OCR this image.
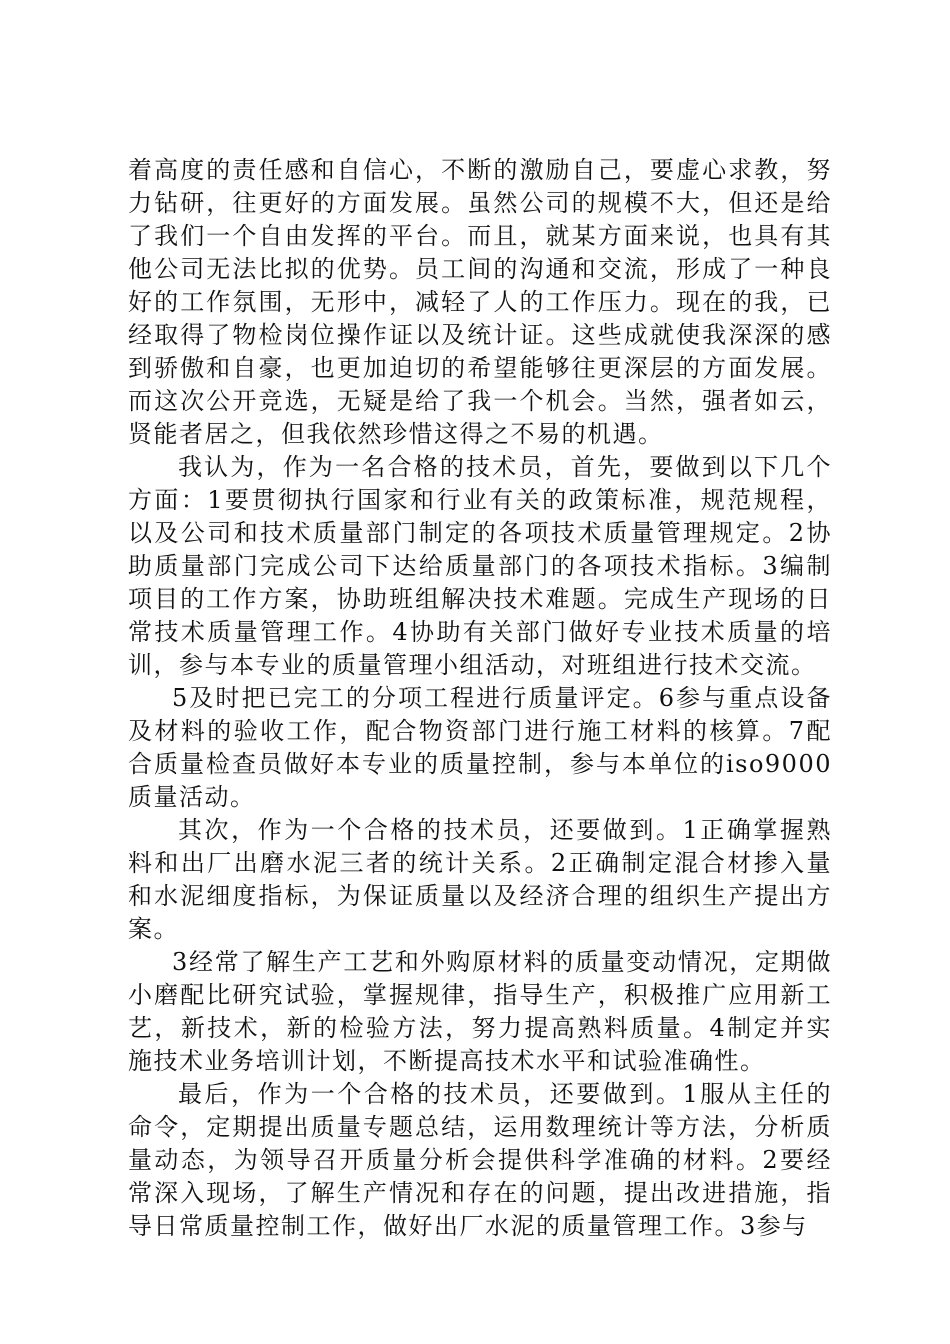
着高度的责任感和自信心，不断的激励自己，要虚心求教，努力钻研，往更好的方面发展。虽然公司的规模不大，但还是给了我们一个自由发挥的平台。而且，就某方面来说，也具有其他公司无法比拟的优势。员工间的沟通和交流，形成了一种良好的工作氛围，无形中，减轻了人的工作压力。现在的我，已经取得了物检岗位操作证以及统计证。这些成就使我深深的感到骄傲和自豪，也更加迫切的希望能够往更深层的方面发展。而这次公开竞选，无疑是给了我一个机会。当然，强者如云，贤能者居之，但我依然珍惜这得之不易的机遇。

我认为，作为一名合格的技术员，首先，要做到以下几个方面：1要贯彻执行国家和行业有关的政策标准，规范规程，以及公司和技术质量部门制定的各项技术质量管理规定。2协助质量部门完成公司下达给质量部门的各项技术指标。3编制项目的工作方案，协助班组解决技术难题。完成生产现场的日常技术质量管理工作。4协助有关部门做好专业技术质量的培训，参与本专业的质量管理小组活动，对班组进行技术交流。

5及时把已完工的分项工程进行质量评定。6参与重点设备及材料的验收工作，配合物资部门进行施工材料的核算。7配合质量检查员做好本专业的质量控制，参与本单位的iso9000质量活动。

其次，作为一个合格的技术员，还要做到。1正确掌握熟料和出厂出磨水泥三者的统计关系。2正确制定混合材掺入量和水泥细度指标，为保证质量以及经济合理的组织生产提出方案。

3经常了解生产工艺和外购原材料的质量变动情况，定期做小磨配比研究试验，掌握规律，指导生产，积极推广应用新工艺，新技术，新的检验方法，努力提高熟料质量。4制定并实施技术业务培训计划，不断提高技术水平和试验准确性。

最后，作为一个合格的技术员，还要做到。1服从主任的命令，定期提出质量专题总结，运用数理统计等方法，分析质量动态，为领导召开质量分析会提供科学准确的材料。2要经常深入现场，了解生产情况和存在的问题，提出改进措施，指导日常质量控制工作，做好出厂水泥的质量管理工作。3参与
